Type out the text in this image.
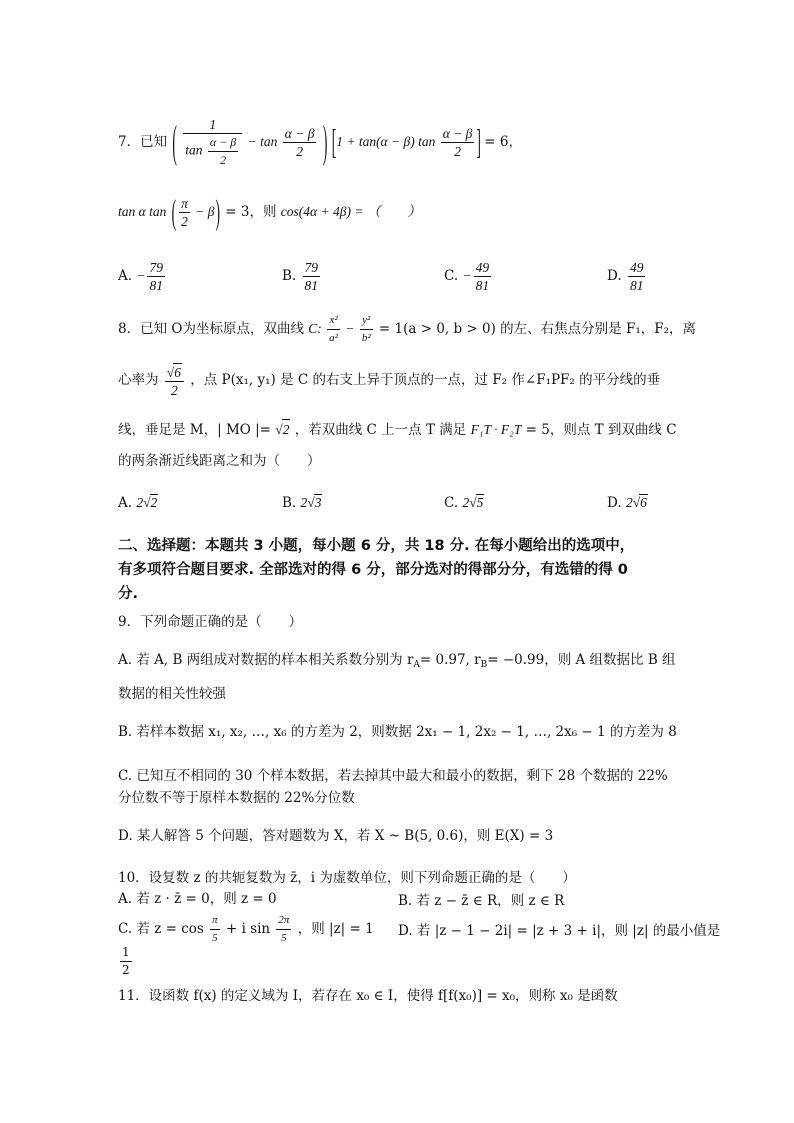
7．已知 ( $\frac{1}{\tan \frac{\alpha - \beta}{2}} - \tan \frac{\alpha - \beta}{2}$ ) [1 + tan(α − β) $\tan \frac{\alpha - \beta}{2}$ ] = 6，
tan α tan ( $\frac{\pi}{2} - \beta) = 3$，则 cos(4α + 4β) = （　　）
A. − $\frac{79}{81}$	B. $\frac{79}{81}$	C. − $\frac{49}{81}$	D. $\frac{49}{81}$
8．已知 O为坐标原点，双曲线 C: $\frac{\text{x²}}{\text{a²}} - \frac{\text{y²}}{\text{b²}} = 1(a > 0$, b > 0) 的左、右焦点分别是 F₁，F₂，离
心率为 $\frac{√6}{2}$ ，点 P(x₁, y₁) 是 C 的右支上异于顶点的一点，过 F₂ 作∠F₁PF₂ 的平分线的垂
线，垂足是 M，| MO |= √2 ，若双曲线 C 上一点 T 满足 F₁T · F₂T = 5，则点 T 到双曲线 C
的两条渐近线距离之和为（　　）
A. 2√2	B. 2√3	C. 2√5	D. 2√6
二、选择题：本题共 3 小题，每小题 6 分，共 18 分. 在每小题给出的选项中，
有多项符合题目要求. 全部选对的得 6 分，部分选对的得部分分，有选错的得 0
分.
9．下列命题正确的是（　　）
A. 若 A, B 两组成对数据的样本相关系数分别为 $r_A= 0.97$, $r_B= -0.99$，则 A 组数据比 B 组
数据的相关性较强
B. 若样本数据 x₁, x₂, …, x₆ 的方差为 2，则数据 2x₁ − 1, 2x₂ − 1, …, 2x₆ − 1 的方差为 8
C. 已知互不相同的 30 个样本数据，若去掉其中最大和最小的数据，剩下 28 个数据的 22%
分位数不等于原样本数据的 22%分位数
D. 某人解答 5 个问题，答对题数为 X，若 X ~ B(5, 0.6)，则 E(X) = 3
10．设复数 z 的共轭复数为 z̄，i 为虚数单位，则下列命题正确的是（　　）
A. 若 z · z̄ = 0，则 z = 0	B. 若 z − z̄ ∈ R，则 z ∈ R
C. 若 $z = \cos \frac{\pi}{5} + i$ $\sin \frac{2\pi}{5}$ ，则 |z| = 1 D. 若 |z − 1 − 2i| = |z + 3 + i|，则 |z| 的最小值是
$\frac{1}{2}$
11．设函数 f(x) 的定义域为 I，若存在 x₀ ∈ I，使得 f[f(x₀)] = x₀，则称 x₀ 是函数
